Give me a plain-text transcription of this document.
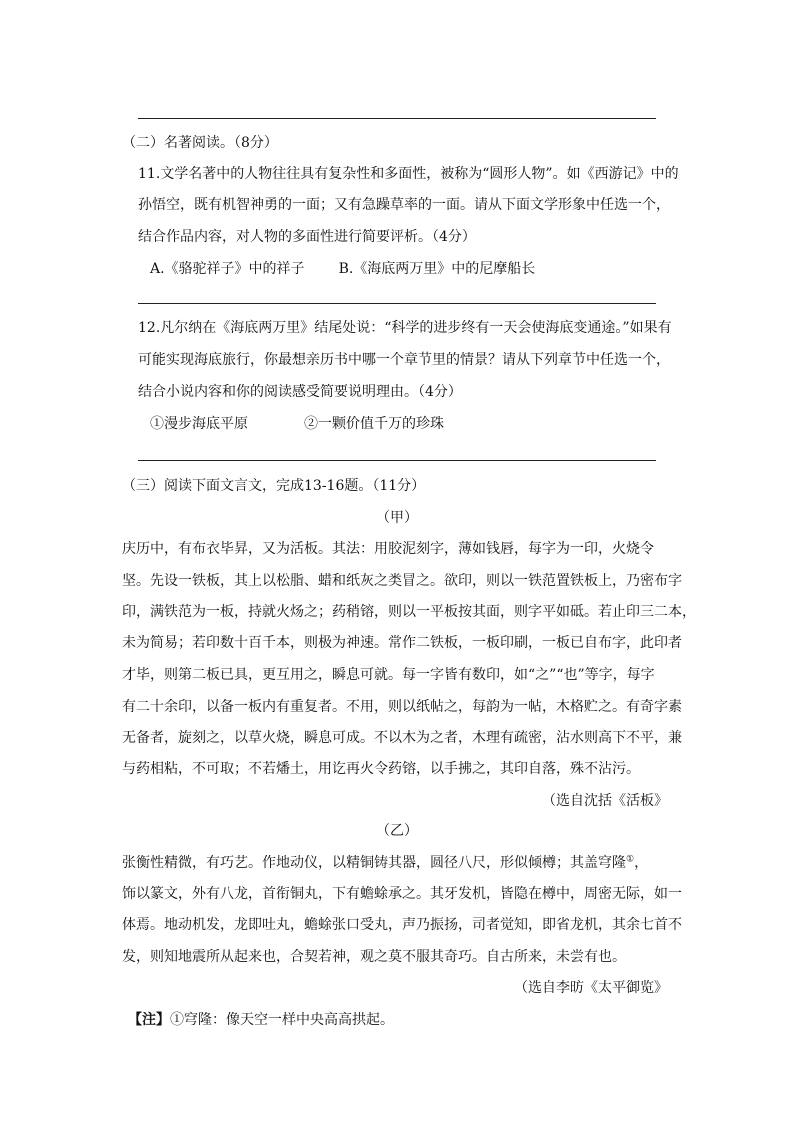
（二）名著阅读。（8分）
11.文学名著中的人物往往具有复杂性和多面性，被称为“圆形人物”。如《西游记》中的
孙悟空，既有机智神勇的一面；又有急躁草率的一面。请从下面文学形象中任选一个，
结合作品内容，对人物的多面性进行简要评析。（4分）
A.《骆驼祥子》中的祥子 B.《海底两万里》中的尼摩船长
12.凡尔纳在《海底两万里》结尾处说：“科学的进步终有一天会使海底变通途。”如果有
可能实现海底旅行，你最想亲历书中哪一个章节里的情景？请从下列章节中任选一个，
结合小说内容和你的阅读感受简要说明理由。（4分）
①漫步海底平原	②一颗价值千万的珍珠
（三）阅读下面文言文，完成13-16题。（11分）
（甲）
庆历中，有布衣毕昇，又为活板。其法：用胶泥刻字，薄如钱唇，每字为一印，火烧令
坚。先设一铁板，其上以松脂、蜡和纸灰之类冒之。欲印，则以一铁范置铁板上，乃密布字
印，满铁范为一板，持就火炀之；药稍镕，则以一平板按其面，则字平如砥。若止印三二本，
未为简易；若印数十百千本，则极为神速。常作二铁板，一板印刷，一板已自布字，此印者
才毕，则第二板已具，更互用之，瞬息可就。每一字皆有数印，如“之”“也”等字，每字
有二十余印，以备一板内有重复者。不用，则以纸帖之，每韵为一帖，木格贮之。有奇字素
无备者，旋刻之，以草火烧，瞬息可成。不以木为之者，木理有疏密，沾水则高下不平，兼
与药相粘，不可取；不若燔土，用讫再火令药镕，以手拂之，其印自落，殊不沾污。
（选自沈括《活板》
（乙）
张衡性精微，有巧艺。作地动仪，以精铜铸其器，圆径八尺，形似倾樽；其盖穹隆①，
饰以篆文，外有八龙，首衔铜丸，下有蟾蜍承之。其牙发机，皆隐在樽中，周密无际，如一
体焉。地动机发，龙即吐丸，蟾蜍张口受丸，声乃振扬，司者觉知，即省龙机，其余七首不
发，则知地震所从起来也，合契若神，观之莫不服其奇巧。自古所来，未尝有也。
（选自李昉《太平御览》
【注】①穹隆：像天空一样中央高高拱起。
